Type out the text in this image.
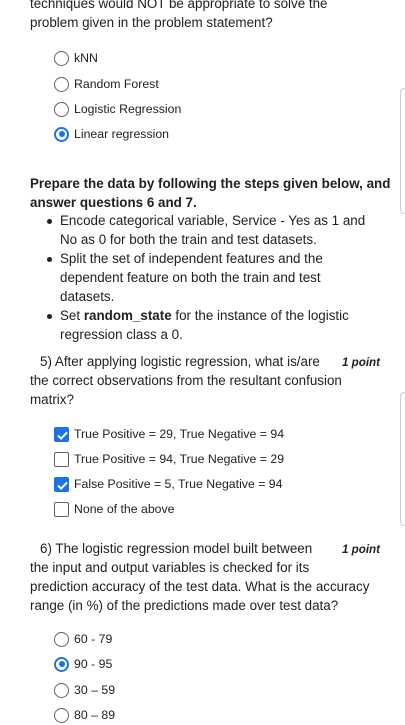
techniques would NOT be appropriate to solve the
problem given in the problem statement?
kNN
Random Forest
Logistic Regression
Linear regression
Prepare the data by following the steps given below, and
answer questions 6 and 7.
Encode categorical variable, Service - Yes as 1 and
No as 0 for both the train and test datasets.
Split the set of independent features and the
dependent feature on both the train and test
datasets.
Set random_state for the instance of the logistic
regression class a 0.
5) After applying logistic regression, what is/are 1 point
the correct observations from the resultant confusion
matrix?
True Positive = 29, True Negative = 94
True Positive = 94, True Negative = 29
False Positive = 5, True Negative = 94
None of the above
6) The logistic regression model built between	1 point
the input and output variables is checked for its
prediction accuracy of the test data. What is the accuracy
range (in %) of the predictions made over test data?
60 - 79
90 - 95
30 – 59
80 – 89
